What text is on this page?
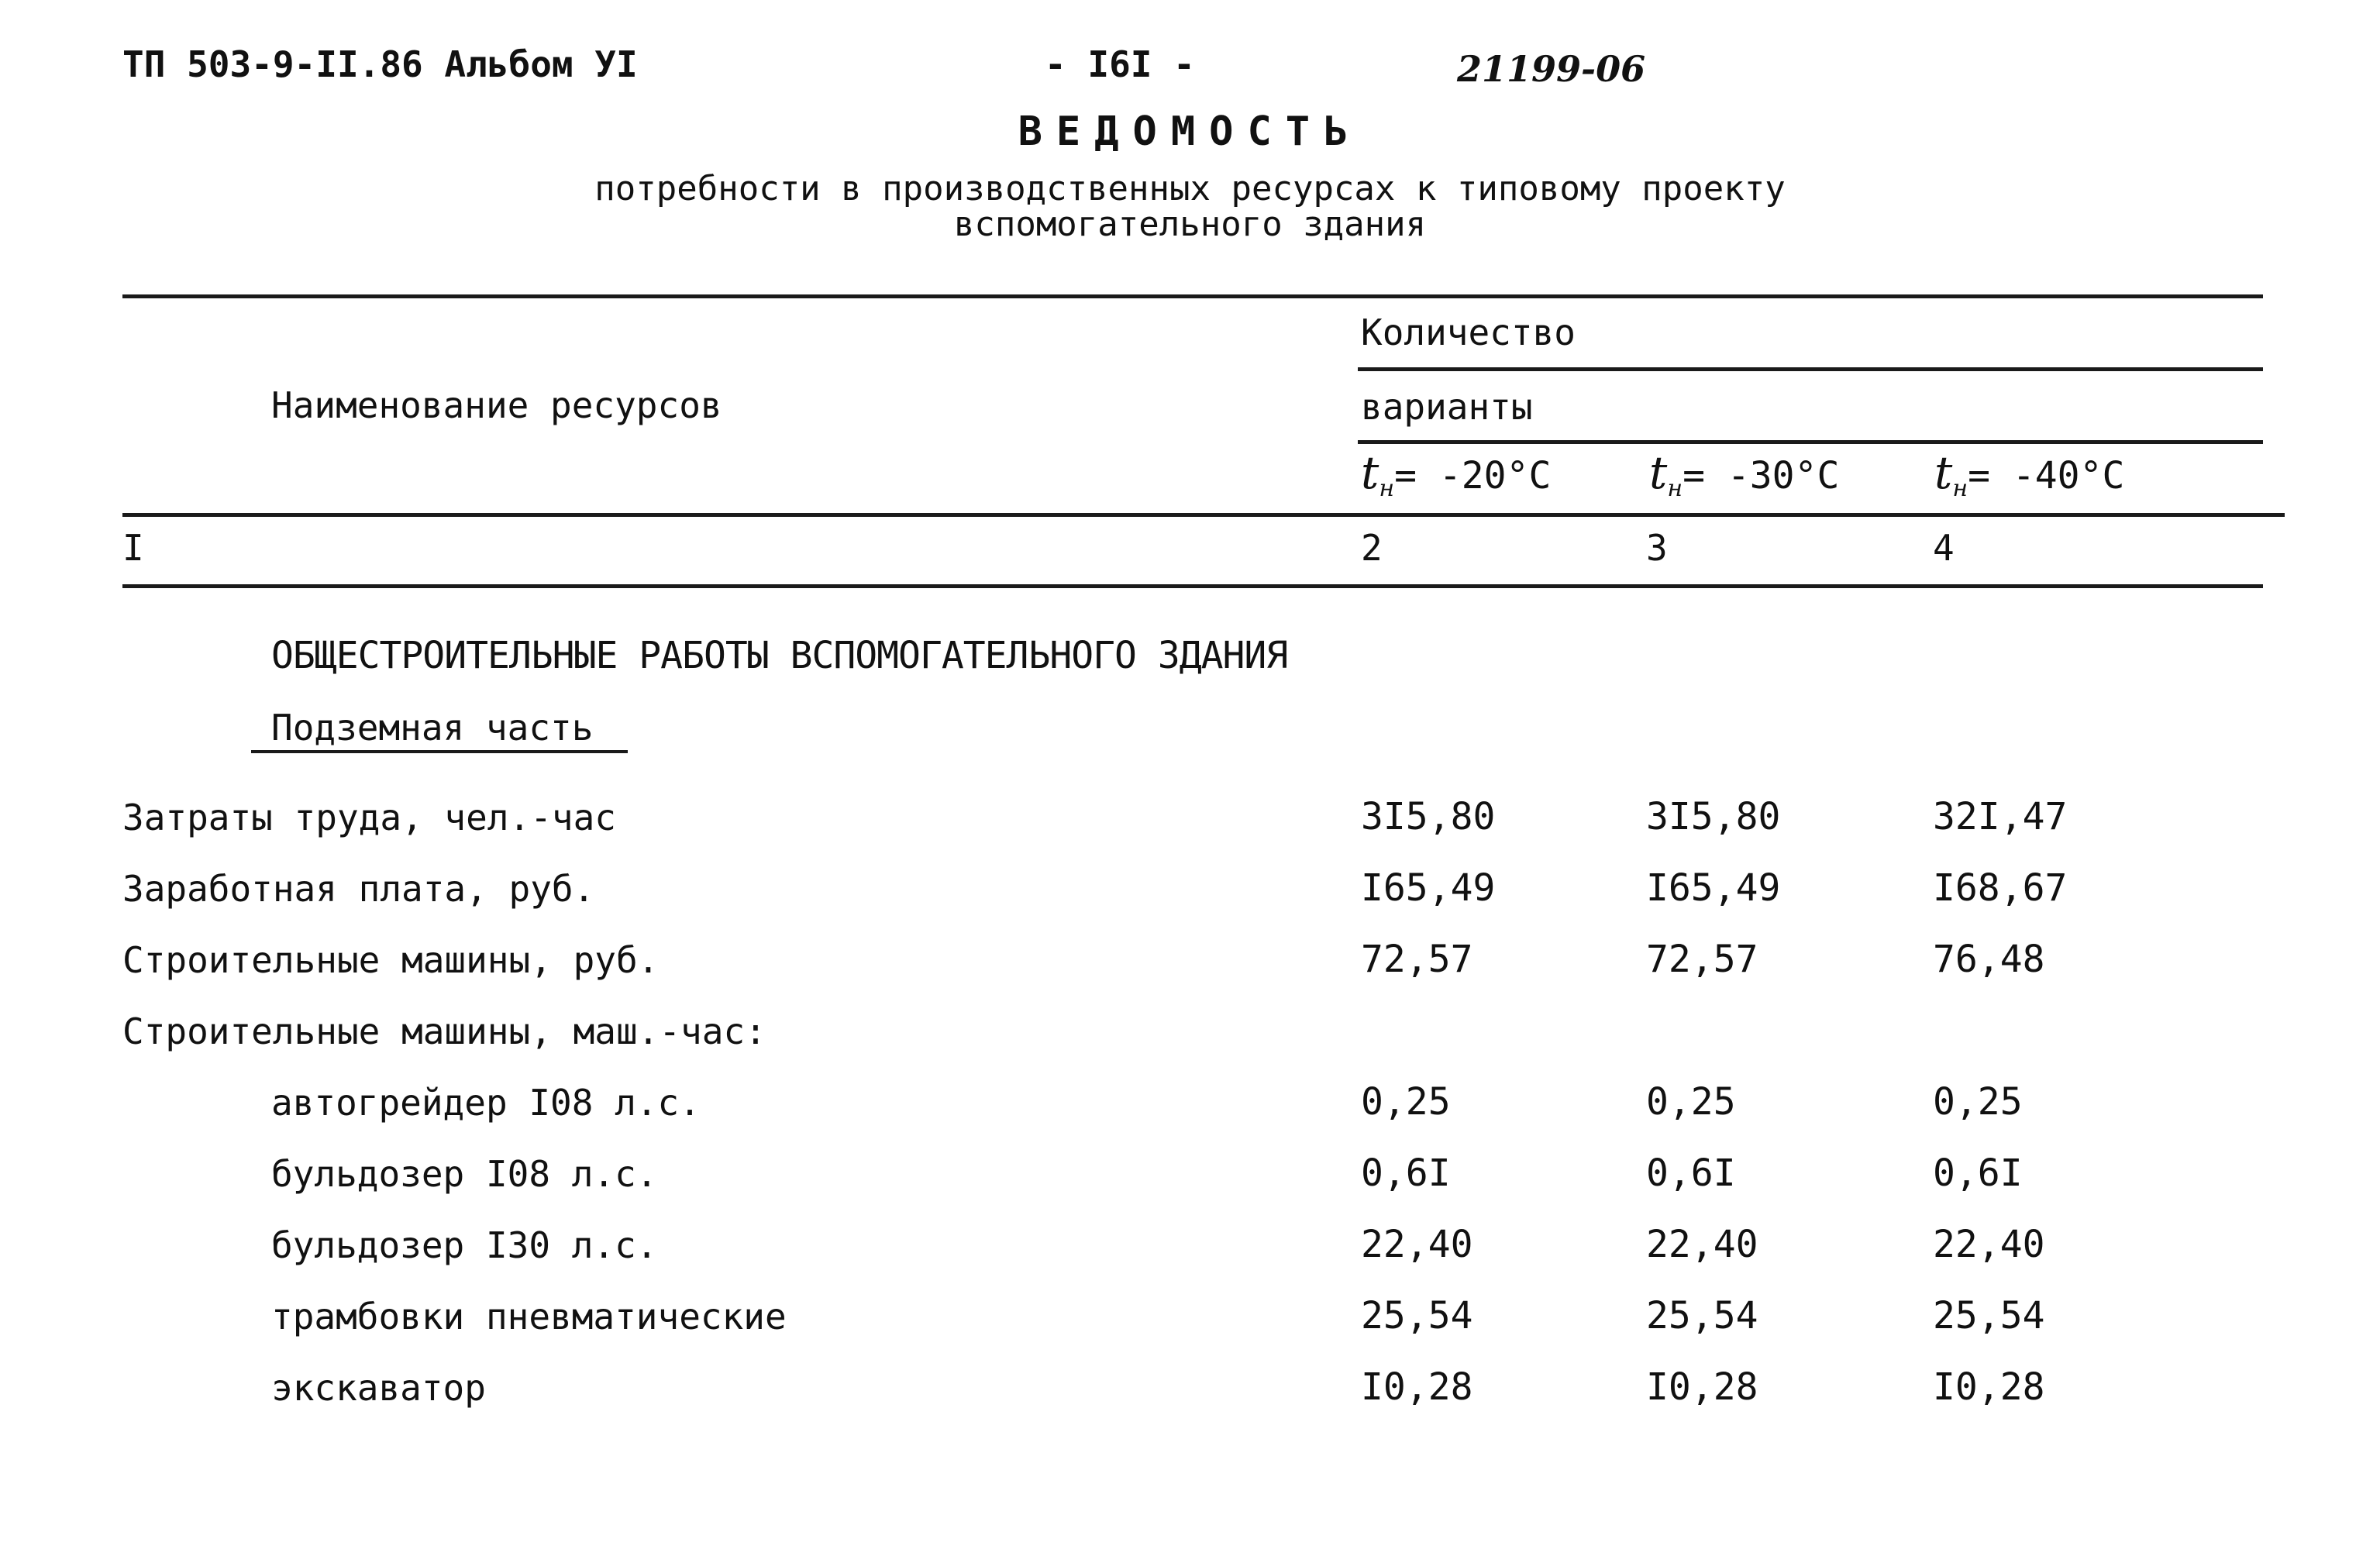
ТП 503-9-II.86 Альбом УI	- I6I -	21199-06
ВЕДОМОСТЬ
потребности в производственных ресурсах к типовому проекту
вспомогательного здания
Наименование ресурсов
Количество
варианты
$t_н= -20^\circ C$ $t_н= -30^\circ C$ $t_н= -40^\circ C$
I	2	3	4
ОБЩЕСТРОИТЕЛЬНЫЕ РАБОТЫ ВСПОМОГАТЕЛЬНОГО ЗДАНИЯ
Подземная часть
Затраты труда, чел.-час	3I5,80	3I5,80	32I,47
Заработная плата, руб.	I65,49	I65,49	I68,67
Строительные машины, руб.	72,57	72,57	76,48
Строительные машины, маш.-час:
автогрейдер I08 л.с.	0,25	0,25	0,25
бульдозер I08 л.с.	0,6I	0,6I	0,6I
бульдозер I30 л.с.	22,40	22,40	22,40
трамбовки пневматические	25,54	25,54	25,54
экскаватор	I0,28	I0,28	I0,28
